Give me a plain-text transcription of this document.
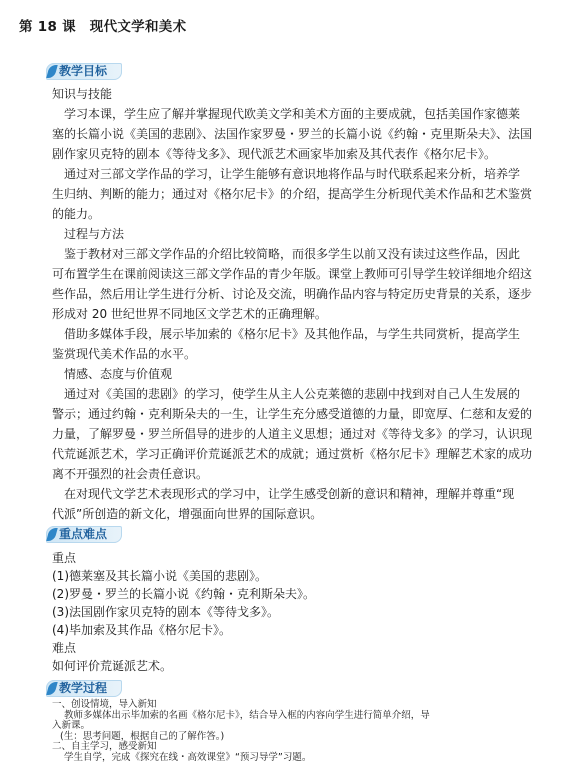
第 18 课　现代文学和美术
教学目标
知识与技能
学习本课，学生应了解并掌握现代欧美文学和美术方面的主要成就，包括美国作家德莱
塞的长篇小说《美国的悲剧》、法国作家罗曼・罗兰的长篇小说《约翰・克里斯朵夫》、法国
剧作家贝克特的剧本《等待戈多》、现代派艺术画家毕加索及其代表作《格尔尼卡》。
通过对三部文学作品的学习，让学生能够有意识地将作品与时代联系起来分析，培养学
生归纳、判断的能力；通过对《格尔尼卡》的介绍，提高学生分析现代美术作品和艺术鉴赏
的能力。
过程与方法
鉴于教材对三部文学作品的介绍比较简略，而很多学生以前又没有读过这些作品，因此
可布置学生在课前阅读这三部文学作品的青少年版。课堂上教师可引导学生较详细地介绍这
些作品，然后用让学生进行分析、讨论及交流，明确作品内容与特定历史背景的关系，逐步
形成对 20 世纪世界不同地区文学艺术的正确理解。
借助多媒体手段，展示毕加索的《格尔尼卡》及其他作品，与学生共同赏析，提高学生
鉴赏现代美术作品的水平。
情感、态度与价值观
通过对《美国的悲剧》的学习，使学生从主人公克莱德的悲剧中找到对自己人生发展的
警示；通过约翰・克利斯朵夫的一生，让学生充分感受道德的力量，即宽厚、仁慈和友爱的
力量，了解罗曼・罗兰所倡导的进步的人道主义思想；通过对《等待戈多》的学习，认识现
代荒诞派艺术，学习正确评价荒诞派艺术的成就；通过赏析《格尔尼卡》理解艺术家的成功
离不开强烈的社会责任意识。
在对现代文学艺术表现形式的学习中，让学生感受创新的意识和精神，理解并尊重“现
代派”所创造的新文化，增强面向世界的国际意识。
重点难点
重点
(1)德莱塞及其长篇小说《美国的悲剧》。
(2)罗曼・罗兰的长篇小说《约翰・克利斯朵夫》。
(3)法国剧作家贝克特的剧本《等待戈多》。
(4)毕加索及其作品《格尔尼卡》。
难点
如何评价荒诞派艺术。
教学过程
一、创设情境，导入新知
教师多媒体出示毕加索的名画《格尔尼卡》，结合导入框的内容向学生进行简单介绍，导
入新课。
(生：思考问题，根据自己的了解作答。)
二、自主学习，感受新知
学生自学，完成《探究在线・高效课堂》“预习导学”习题。
